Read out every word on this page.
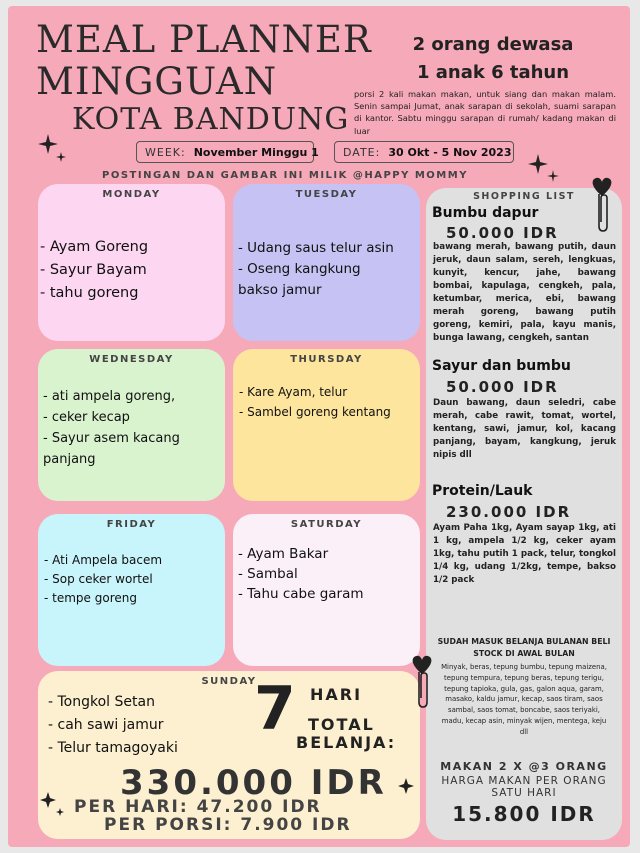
MEAL PLANNER
MINGGUAN
KOTA BANDUNG
2 orang dewasa
1 anak 6 tahun
porsi 2 kali makan makan, untuk siang dan makan malam. Senin sampai Jumat, anak sarapan di sekolah, suami sarapan di kantor. Sabtu minggu sarapan di rumah/ kadang makan di luar
WEEK: November Minggu 1 DATE: 30 Okt - 5 Nov 2023
POSTINGAN DAN GAMBAR INI MILIK @HAPPY MOMMY
MONDAY
- Ayam Goreng
- Sayur Bayam
- tahu goreng
TUESDAY
- Udang saus telur asin
- Oseng kangkung
bakso jamur
WEDNESDAY
- ati ampela goreng,
- ceker kecap
- Sayur asem kacang
panjang
THURSDAY
- Kare Ayam, telur
- Sambel goreng kentang
FRIDAY
- Ati Ampela bacem
- Sop ceker wortel
- tempe goreng
SATURDAY
- Ayam Bakar
- Sambal
- Tahu cabe garam
SUNDAY
- Tongkol Setan
- cah sawi jamur
- Telur tamagoyaki
7 HARI
TOTAL
BELANJA:
330.000 IDR
PER HARI: 47.200 IDR
PER PORSI: 7.900 IDR
SHOPPING LIST
Bumbu dapur
50.000 IDR
bawang merah, bawang putih, daun jeruk, daun salam, sereh, lengkuas, kunyit, kencur, jahe, bawang bombai, kapulaga, cengkeh, pala, ketumbar, merica, ebi, bawang merah goreng, bawang putih goreng, kemiri, pala, kayu manis, bunga lawang, cengkeh, santan
Sayur dan bumbu
50.000 IDR
Daun bawang, daun seledri, cabe merah, cabe rawit, tomat, wortel, kentang, sawi, jamur, kol, kacang panjang, bayam, kangkung, jeruk nipis dll
Protein/Lauk
230.000 IDR
Ayam Paha 1kg, Ayam sayap 1kg, ati 1 kg, ampela 1/2 kg, ceker ayam 1kg, tahu putih 1 pack, telur, tongkol 1/4 kg, udang 1/2kg, tempe, bakso 1/2 pack
SUDAH MASUK BELANJA BULANAN BELI STOCK DI AWAL BULAN
Minyak, beras, tepung bumbu, tepung maizena, tepung tempura, tepung beras, tepung terigu, tepung tapioka, gula, gas, galon aqua, garam, masako, kaldu jamur, kecap, saos tiram, saos sambal, saos tomat, boncabe, saos teriyaki, madu, kecap asin, minyak wijen, mentega, keju dll
MAKAN 2 X @3 ORANG
HARGA MAKAN PER ORANG SATU HARI
15.800 IDR
